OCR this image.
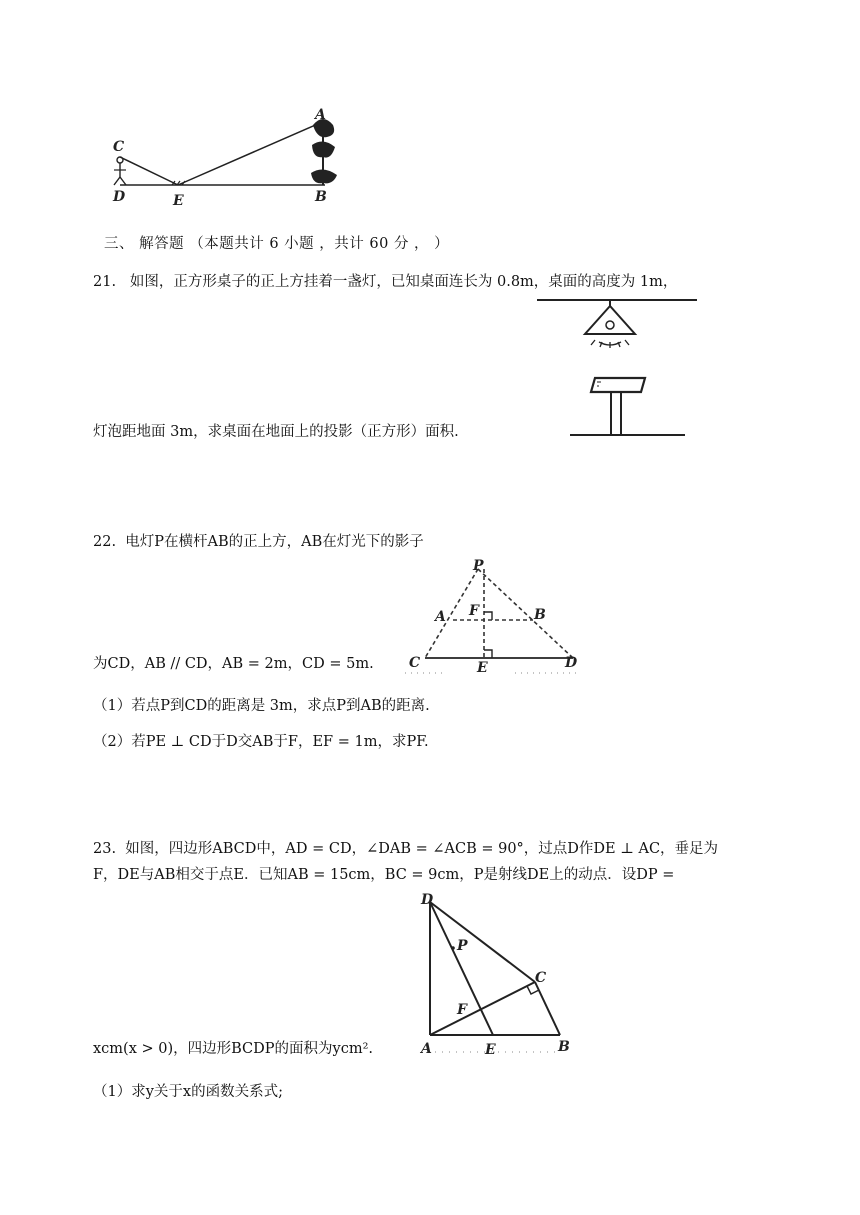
A
B
C
D	E
三、 解答题 （本题共计 6 小题 ，共计 60 分 ， ）
21. 如图，正方形桌子的正上方挂着一盏灯，已知桌面连长为 0.8m，桌面的高度为 1m，
灯泡距地面 3m，求桌面在地面上的投影（正方形）面积.
22. 电灯P在横杆AB的正上方，AB在灯光下的影子
P
A	B
F
C	D
E
为CD，AB // CD，AB = 2m，CD = 5m.
（1）若点P到CD的距离是 3m，求点P到AB的距离.
（2）若PE ⊥ CD于D交AB于F，EF = 1m，求PF.
23. 如图，四边形ABCD中，AD = CD，∠DAB = ∠ACB = 90°，过点D作DE ⊥ AC，垂足为
F，DE与AB相交于点E．已知AB = 15cm，BC = 9cm，P是射线DE上的动点．设DP =
D
P
C
F
A	E	B
xcm(x > 0)，四边形BCDP的面积为ycm².
（1）求y关于x的函数关系式;
